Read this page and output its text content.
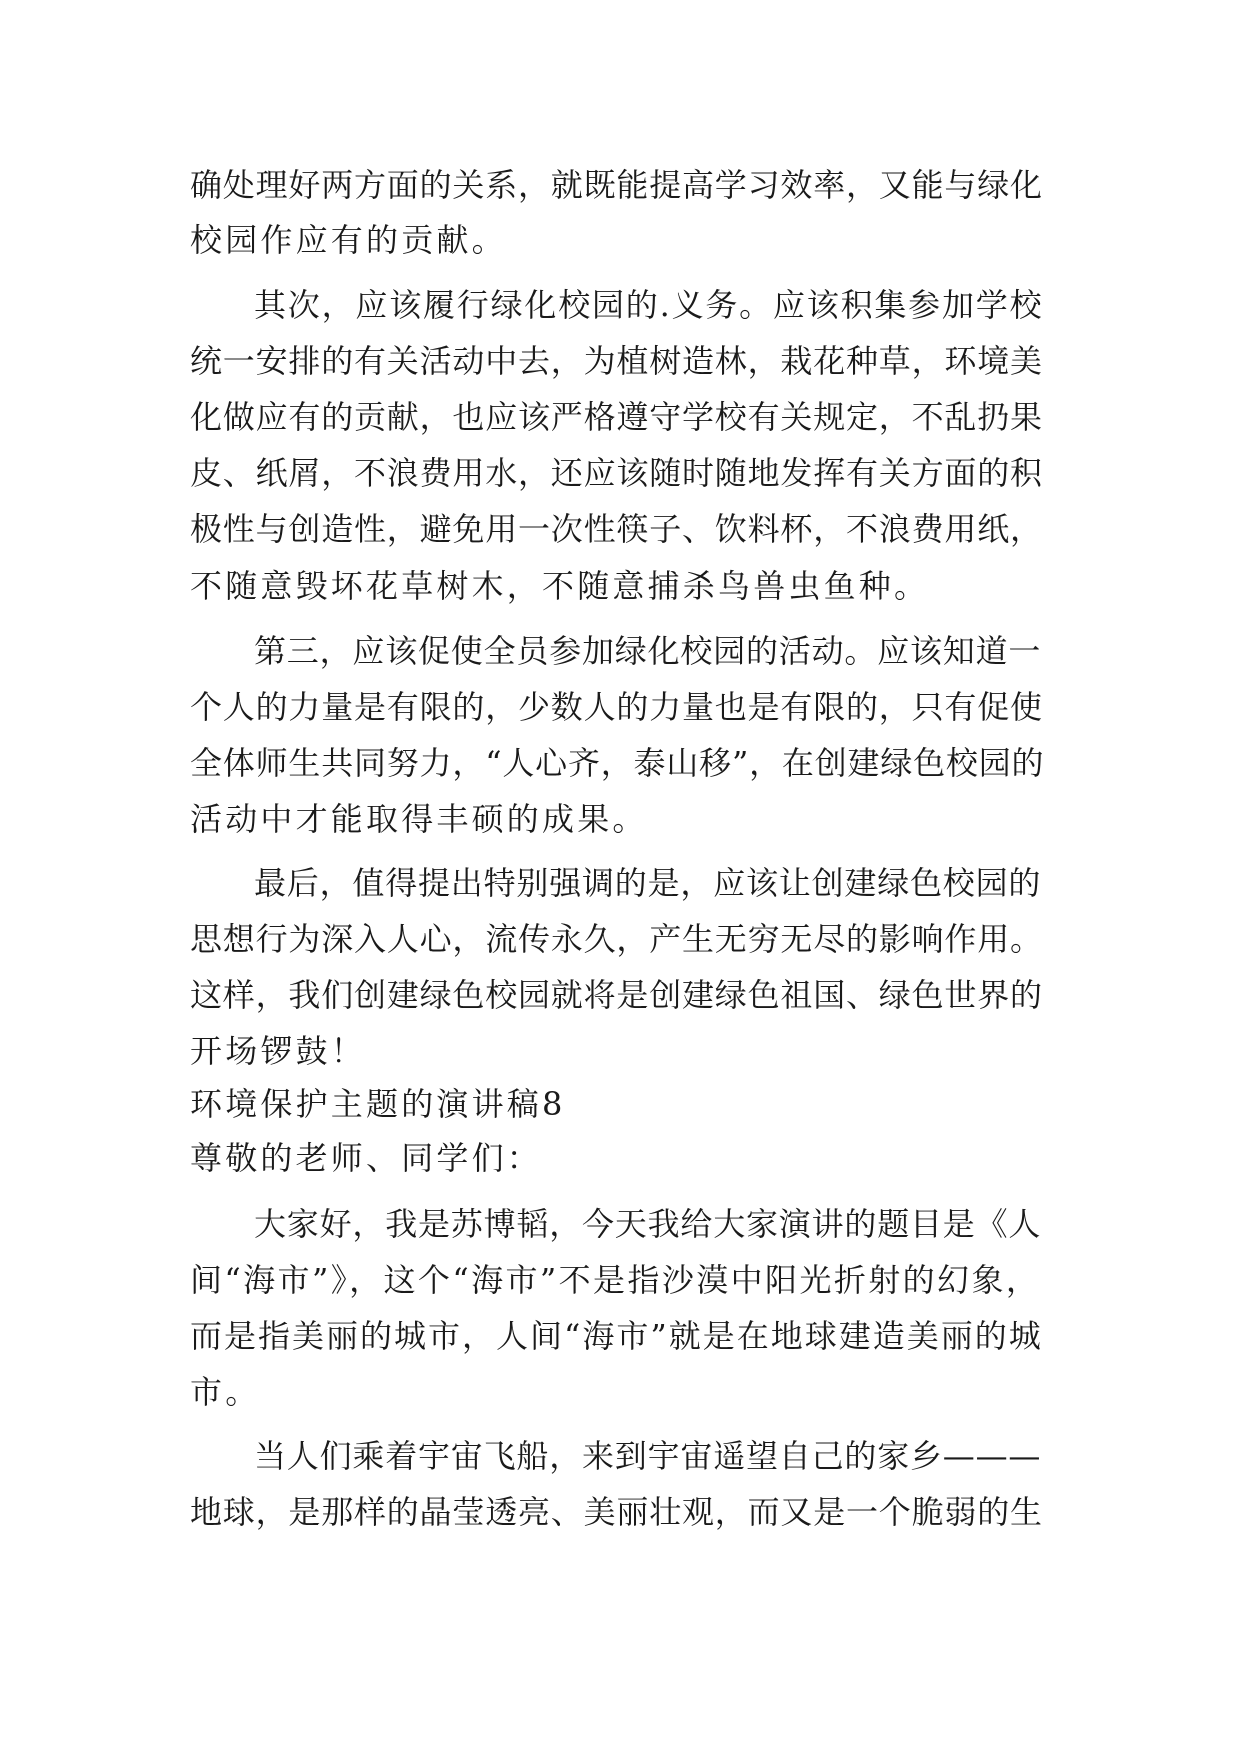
确处理好两方面的关系，就既能提高学习效率，又能与绿化
校园作应有的贡献。
其次，应该履行绿化校园的.义务。应该积集参加学校
统一安排的有关活动中去，为植树造林，栽花种草，环境美
化做应有的贡献，也应该严格遵守学校有关规定，不乱扔果
皮、纸屑，不浪费用水，还应该随时随地发挥有关方面的积
极性与创造性，避免用一次性筷子、饮料杯，不浪费用纸，
不随意毁坏花草树木，不随意捕杀鸟兽虫鱼种。
第三，应该促使全员参加绿化校园的活动。应该知道一
个人的力量是有限的，少数人的力量也是有限的，只有促使
全体师生共同努力，“人心齐，泰山移”，在创建绿色校园的
活动中才能取得丰硕的成果。
最后，值得提出特别强调的是，应该让创建绿色校园的
思想行为深入人心，流传永久，产生无穷无尽的影响作用。
这样，我们创建绿色校园就将是创建绿色祖国、绿色世界的
开场锣鼓！
环境保护主题的演讲稿8
尊敬的老师、同学们：
大家好，我是苏博韬，今天我给大家演讲的题目是《人
间“海市”》，这个“海市”不是指沙漠中阳光折射的幻象，
而是指美丽的城市，人间“海市”就是在地球建造美丽的城
市。
当人们乘着宇宙飞船，来到宇宙遥望自己的家乡———
地球，是那样的晶莹透亮、美丽壮观，而又是一个脆弱的生
